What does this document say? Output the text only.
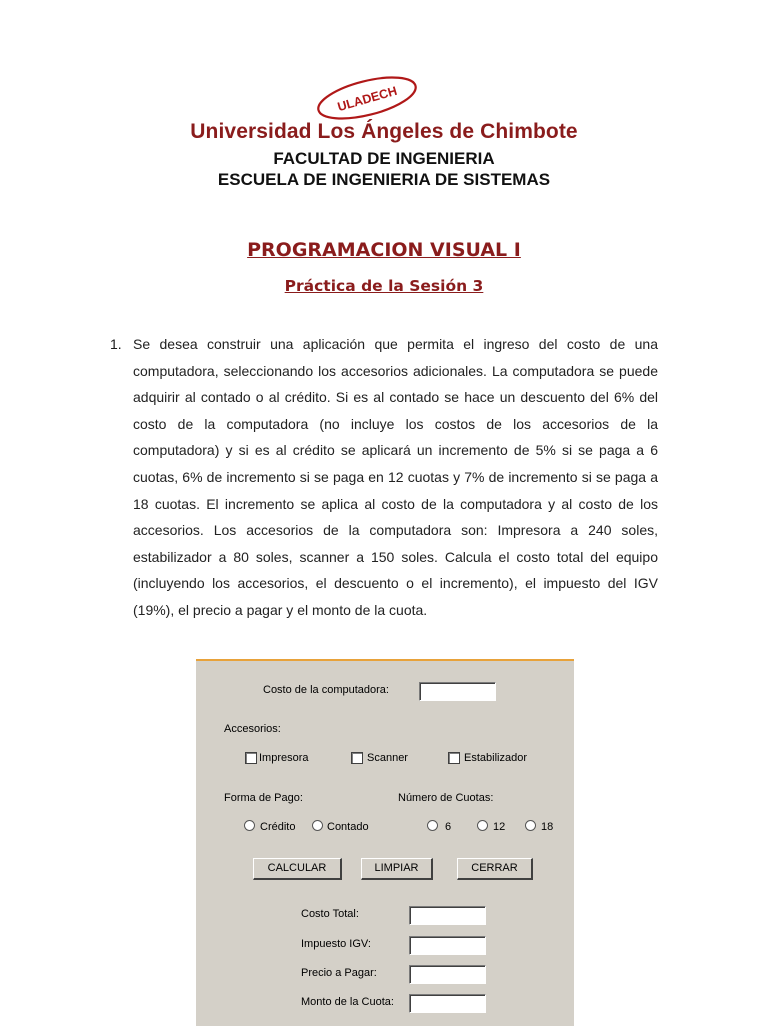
ULADECH
Universidad Los Ángeles de Chimbote
FACULTAD DE INGENIERIA
ESCUELA DE INGENIERIA DE SISTEMAS
PROGRAMACION VISUAL I
Práctica de la Sesión 3
1. Se desea construir una aplicación que permita el ingreso del costo de una computadora, seleccionando los accesorios adicionales. La computadora se puede adquirir al contado o al crédito. Si es al contado se hace un descuento del 6% del costo de la computadora (no incluye los costos de los accesorios de la computadora) y si es al crédito se aplicará un incremento de 5% si se paga a 6 cuotas, 6% de incremento si se paga en 12 cuotas y 7% de incremento si se paga a 18 cuotas. El incremento se aplica al costo de la computadora y al costo de los accesorios. Los accesorios de la computadora son: Impresora a 240 soles, estabilizador a 80 soles, scanner a 150 soles. Calcula el costo total del equipo (incluyendo los accesorios, el descuento o el incremento), el impuesto del IGV (19%), el precio a pagar y el monto de la cuota.
Costo de la computadora:
Accesorios:
Impresora	Scanner	Estabilizador
Forma de Pago:	Número de Cuotas:
Crédito	Contado	6	12	18
CALCULAR	LIMPIAR	CERRAR
Costo Total:
Impuesto IGV:
Precio a Pagar:
Monto de la Cuota:
